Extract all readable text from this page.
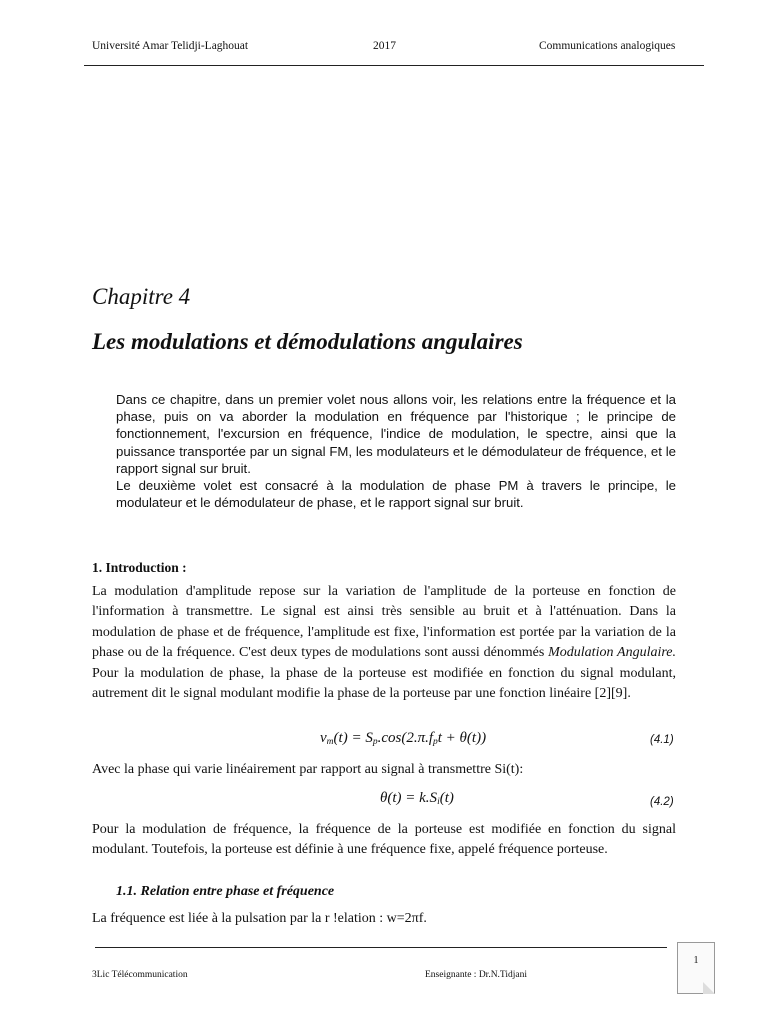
Université Amar Telidji-Laghouat	2017	Communications analogiques
Chapitre 4
Les modulations et démodulations angulaires

Dans ce chapitre, dans un premier volet nous allons voir, les relations entre la fréquence et la phase, puis on va aborder la modulation en fréquence par l'historique ; le principe de fonctionnement, l'excursion en fréquence, l'indice de modulation, le spectre, ainsi que la puissance transportée par un signal FM, les modulateurs et le démodulateur de fréquence, et le rapport signal sur bruit.

Le deuxième volet est consacré à la modulation de phase PM à travers le principe, le modulateur et le démodulateur de phase, et le rapport signal sur bruit.

1. Introduction :
La modulation d'amplitude repose sur la variation de l'amplitude de la porteuse en fonction de l'information à transmettre. Le signal est ainsi très sensible au bruit et à l'atténuation. Dans la modulation de phase et de fréquence, l'amplitude est fixe, l'information est portée par la variation de la phase ou de la fréquence. C'est deux types de modulations sont aussi dénommés Modulation Angulaire. Pour la modulation de phase, la phase de la porteuse est modifiée en fonction du signal modulant, autrement dit le signal modulant modifie la phase de la porteuse par une fonction linéaire [2][9].
$v_m(t) = S_p.\cos(2.\pi.f_pt + \theta(t))$	(4.1)
Avec la phase qui varie linéairement par rapport au signal à transmettre Si(t):
$\theta(t) = k.S_i(t)$	(4.2)
Pour la modulation de fréquence, la fréquence de la porteuse est modifiée en fonction du signal modulant. Toutefois, la porteuse est définie à une fréquence fixe, appelé fréquence porteuse.
1.1. Relation entre phase et fréquence
La fréquence est liée à la pulsation par la r !elation : w=2πf.
1
3Lic Télécommunication	Enseignante : Dr.N.Tidjani
